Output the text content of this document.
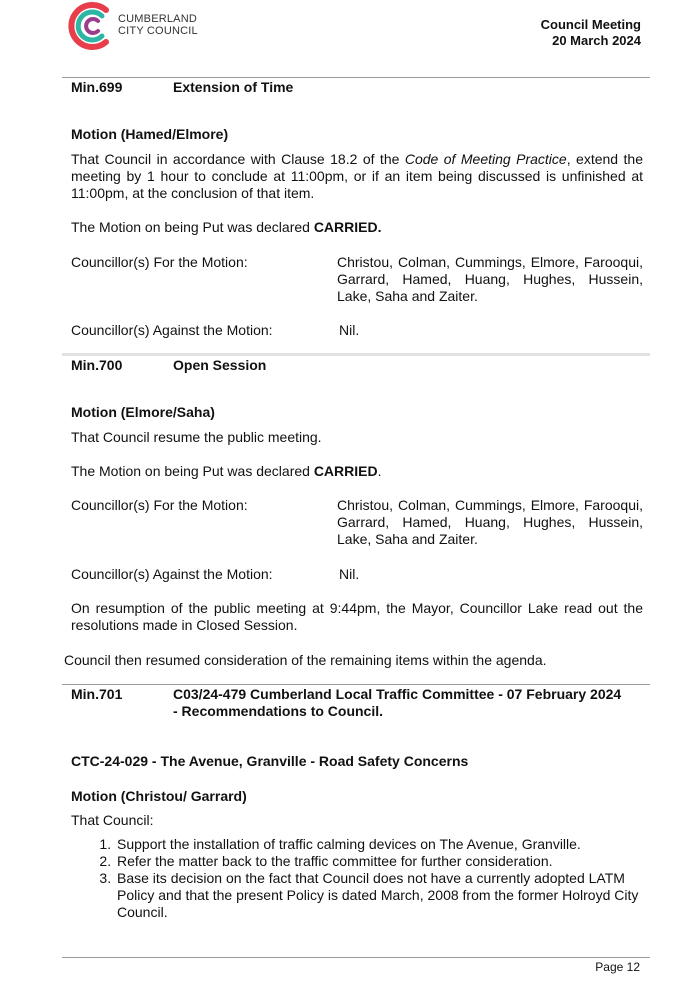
CUMBERLAND
CITY COUNCIL	Council Meeting
20 March 2024
Min.699	Extension of Time
Motion (Hamed/Elmore)
That Council in accordance with Clause 18.2 of the Code of Meeting Practice, extend the meeting by 1 hour to conclude at 11:00pm, or if an item being discussed is unfinished at 11:00pm, at the conclusion of that item.
The Motion on being Put was declared CARRIED.
Councillor(s) For the Motion:	Christou, Colman, Cummings, Elmore, Farooqui, Garrard, Hamed, Huang, Hughes, Hussein, Lake, Saha and Zaiter.
Councillor(s) Against the Motion:	Nil.
Min.700	Open Session
Motion (Elmore/Saha)
That Council resume the public meeting.
The Motion on being Put was declared CARRIED.
Councillor(s) For the Motion:	Christou, Colman, Cummings, Elmore, Farooqui, Garrard, Hamed, Huang, Hughes, Hussein, Lake, Saha and Zaiter.
Councillor(s) Against the Motion:	Nil.
On resumption of the public meeting at 9:44pm, the Mayor, Councillor Lake read out the resolutions made in Closed Session.
Council then resumed consideration of the remaining items within the agenda.
Min.701	C03/24-479 Cumberland Local Traffic Committee - 07 February 2024
- Recommendations to Council.
CTC-24-029 - The Avenue, Granville - Road Safety Concerns
Motion (Christou/ Garrard)
That Council:
1. Support the installation of traffic calming devices on The Avenue, Granville.
2. Refer the matter back to the traffic committee for further consideration.
3. Base its decision on the fact that Council does not have a currently adopted LATM Policy and that the present Policy is dated March, 2008 from the former Holroyd City Council.
Page 12
